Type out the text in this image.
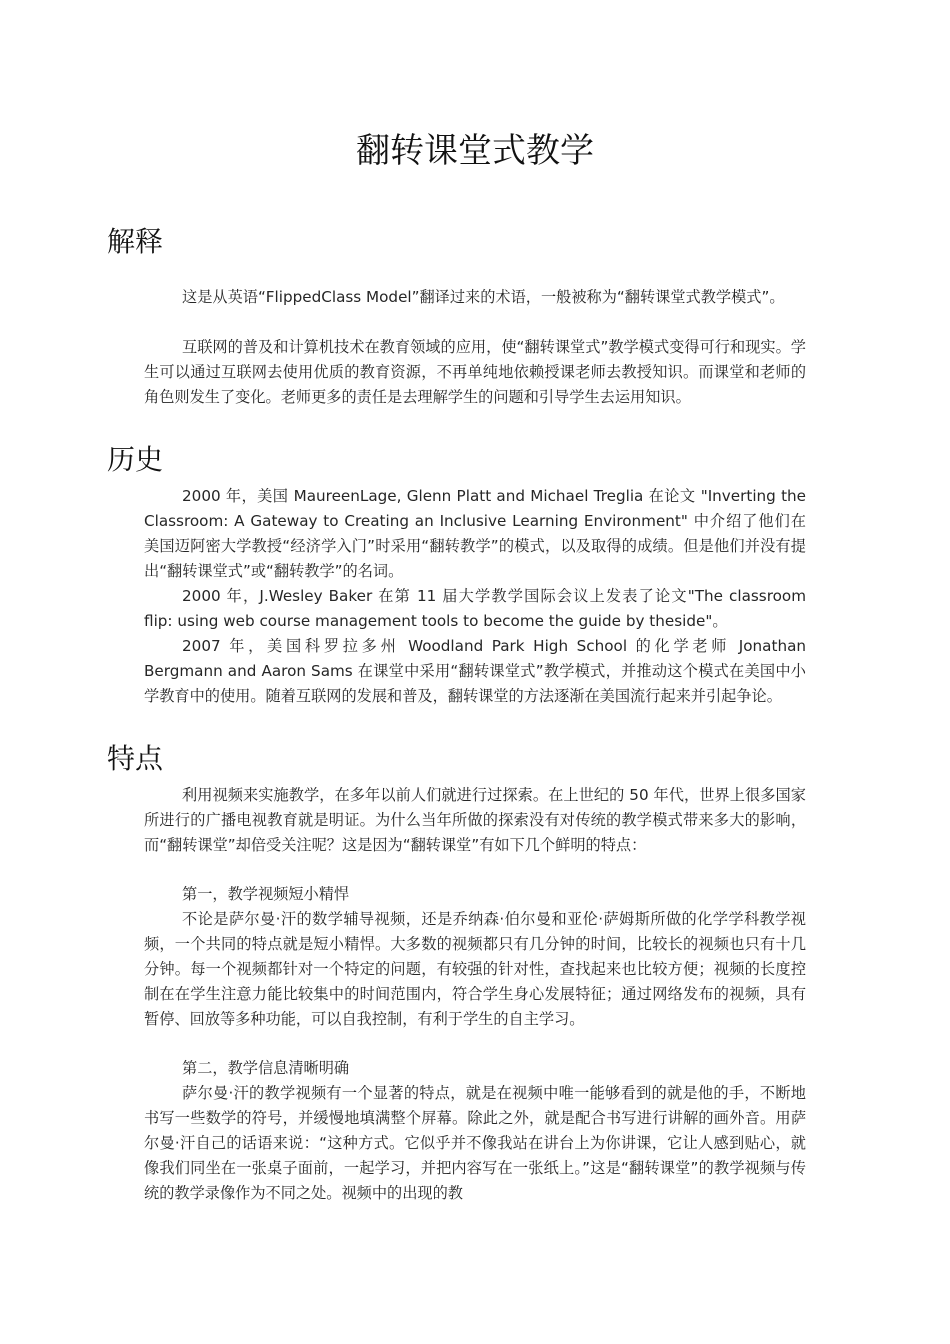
翻转课堂式教学
解释

这是从英语“FlippedClass Model”翻译过来的术语，一般被称为“翻转课堂式教学模式”。

互联网的普及和计算机技术在教育领域的应用，使“翻转课堂式”教学模式变得可行和现实。学生可以通过互联网去使用优质的教育资源，不再单纯地依赖授课老师去教授知识。而课堂和老师的角色则发生了变化。老师更多的责任是去理解学生的问题和引导学生去运用知识。

历史

2000 年，美国 MaureenLage, Glenn Platt and Michael Treglia 在论文 "Inverting the Classroom: A Gateway to Creating an Inclusive Learning Environment" 中介绍了他们在美国迈阿密大学教授“经济学入门”时采用“翻转教学”的模式，以及取得的成绩。但是他们并没有提出“翻转课堂式”或“翻转教学”的名词。

2000 年，J.Wesley Baker 在第 11 届大学教学国际会议上发表了论文"The classroom flip: using web course management tools to become the guide by theside"。

2007 年，美国科罗拉多州 Woodland Park High School 的化学老师 Jonathan Bergmann and Aaron Sams 在课堂中采用“翻转课堂式”教学模式，并推动这个模式在美国中小学教育中的使用。随着互联网的发展和普及，翻转课堂的方法逐渐在美国流行起来并引起争论。

特点

利用视频来实施教学，在多年以前人们就进行过探索。在上世纪的 50 年代，世界上很多国家所进行的广播电视教育就是明证。为什么当年所做的探索没有对传统的教学模式带来多大的影响，而“翻转课堂”却倍受关注呢？这是因为“翻转课堂”有如下几个鲜明的特点：

第一，教学视频短小精悍

不论是萨尔曼·汗的数学辅导视频，还是乔纳森·伯尔曼和亚伦·萨姆斯所做的化学学科教学视频，一个共同的特点就是短小精悍。大多数的视频都只有几分钟的时间，比较长的视频也只有十几分钟。每一个视频都针对一个特定的问题，有较强的针对性，查找起来也比较方便；视频的长度控制在在学生注意力能比较集中的时间范围内，符合学生身心发展特征；通过网络发布的视频，具有暂停、回放等多种功能，可以自我控制，有利于学生的自主学习。

第二，教学信息清晰明确

萨尔曼·汗的教学视频有一个显著的特点，就是在视频中唯一能够看到的就是他的手，不断地书写一些数学的符号，并缓慢地填满整个屏幕。除此之外，就是配合书写进行讲解的画外音。用萨尔曼·汗自己的话语来说：“这种方式。它似乎并不像我站在讲台上为你讲课，它让人感到贴心，就像我们同坐在一张桌子面前，一起学习，并把内容写在一张纸上。”这是“翻转课堂”的教学视频与传统的教学录像作为不同之处。视频中的出现的教
